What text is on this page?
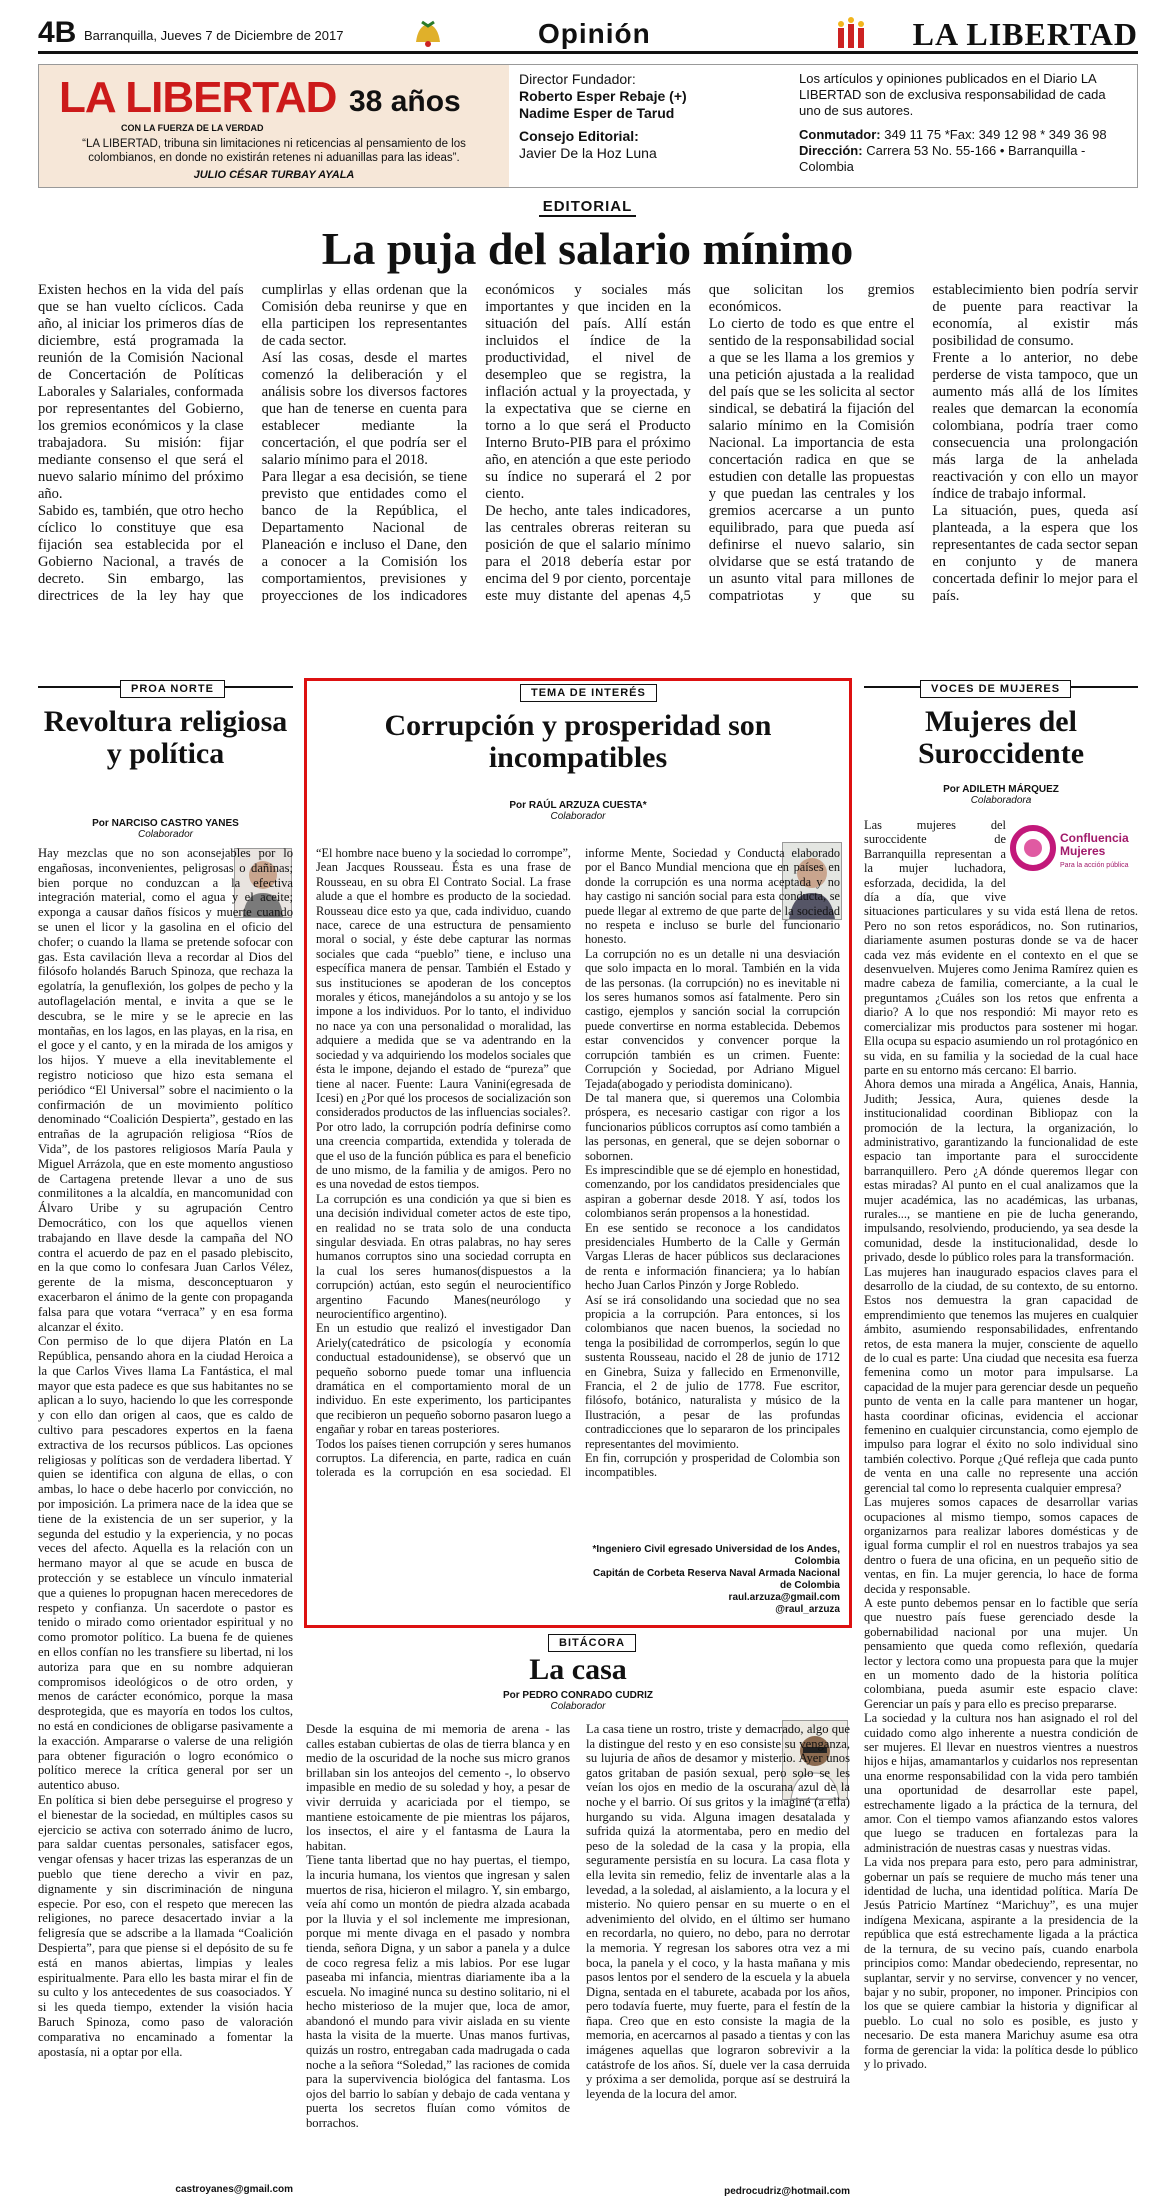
4B Barranquilla, Jueves 7 de Diciembre de 2017	Opinión	LA LIBERTAD
LA LIBERTAD 38 años
CON LA FUERZA DE LA VERDAD
“LA LIBERTAD, tribuna sin limitaciones ni reticencias al pensamiento de los colombianos, en donde no existirán retenes ni aduanillas para las ideas”.
JULIO CÉSAR TURBAY AYALA
Director Fundador:
Roberto Esper Rebaje (+)
Nadime Esper de Tarud
Consejo Editorial:
Javier De la Hoz Luna
Los artículos y opiniones publicados en el Diario LA LIBERTAD son de exclusiva responsabilidad de cada uno de sus autores.
Conmutador: 349 11 75 *Fax: 349 12 98 * 349 36 98
Dirección: Carrera 53 No. 55-166 • Barranquilla - Colombia
EDITORIAL
La puja del salario mínimo

Existen hechos en la vida del país que se han vuelto cíclicos. Cada año, al iniciar los primeros días de diciembre, está programada la reunión de la Comisión Nacional de Concertación de Políticas Laborales y Salariales, conformada por representantes del Gobierno, los gremios económicos y la clase trabajadora. Su misión: fijar mediante consenso el que será el nuevo salario mínimo del próximo año.

Sabido es, también, que otro hecho cíclico lo constituye que esa fijación sea establecida por el Gobierno Nacional, a través de decreto. Sin embargo, las directrices de la ley hay que cumplirlas y ellas ordenan que la Comisión deba reunirse y que en ella participen los representantes de cada sector.

Así las cosas, desde el martes comenzó la deliberación y el análisis sobre los diversos factores que han de tenerse en cuenta para establecer mediante la concertación, el que podría ser el salario mínimo para el 2018.

Para llegar a esa decisión, se tiene previsto que entidades como el banco de la República, el Departamento Nacional de Planeación e incluso el Dane, den a conocer a la Comisión los comportamientos, previsiones y proyecciones de los indicadores económicos y sociales más importantes y que inciden en la situación del país. Allí están incluidos el índice de la productividad, el nivel de desempleo que se registra, la inflación actual y la proyectada, y la expectativa que se cierne en torno a lo que será el Producto Interno Bruto-PIB para el próximo año, en atención a que este periodo su índice no superará el 2 por ciento.

De hecho, ante tales indicadores, las centrales obreras reiteran su posición de que el salario mínimo para el 2018 debería estar por encima del 9 por ciento, porcentaje este muy distante del apenas 4,5 que solicitan los gremios económicos.

Lo cierto de todo es que entre el sentido de la responsabilidad social a que se les llama a los gremios y una petición ajustada a la realidad del país que se les solicita al sector sindical, se debatirá la fijación del salario mínimo en la Comisión Nacional. La importancia de esta concertación radica en que se estudien con detalle las propuestas y que puedan las centrales y los gremios acercarse a un punto equilibrado, para que pueda así definirse el nuevo salario, sin olvidarse que se está tratando de un asunto vital para millones de compatriotas y que su establecimiento bien podría servir de puente para reactivar la economía, al existir más posibilidad de consumo.

Frente a lo anterior, no debe perderse de vista tampoco, que un aumento más allá de los límites reales que demarcan la economía colombiana, podría traer como consecuencia una prolongación más larga de la anhelada reactivación y con ello un mayor índice de trabajo informal.

La situación, pues, queda así planteada, a la espera que los representantes de cada sector sepan en conjunto y de manera concertada definir lo mejor para el país.

PROA NORTE
Revoltura religiosa y política
Por NARCISO CASTRO YANES
Colaborador

Hay mezclas que no son aconsejables por lo engañosas, inconvenientes, peligrosas o dañinas; bien porque no conduzcan a la efectiva integración material, como el agua y el aceite; exponga a causar daños físicos y muerte cuando se unen el licor y la gasolina en el oficio del chofer; o cuando la llama se pretende sofocar con gas. Esta cavilación lleva a recordar al Dios del filósofo holandés Baruch Spinoza, que rechaza la egolatría, la genuflexión, los golpes de pecho y la autoflagelación mental, e invita a que se le descubra, se le mire y se le aprecie en las montañas, en los lagos, en las playas, en la risa, en el goce y el canto, y en la mirada de los amigos y los hijos. Y mueve a ella inevitablemente el registro noticioso que hizo esta semana el periódico “El Universal” sobre el nacimiento o la confirmación de un movimiento político denominado “Coalición Despierta”, gestado en las entrañas de la agrupación religiosa “Ríos de Vida”, de los pastores religiosos María Paula y Miguel Arrázola, que en este momento angustioso de Cartagena pretende llevar a uno de sus conmilitones a la alcaldía, en mancomunidad con Álvaro Uribe y su agrupación Centro Democrático, con los que aquellos vienen trabajando en llave desde la campaña del NO contra el acuerdo de paz en el pasado plebiscito, en la que como lo confesara Juan Carlos Vélez, gerente de la misma, desconceptuaron y exacerbaron el ánimo de la gente con propaganda falsa para que votara “verraca” y en esa forma alcanzar el éxito.

Con permiso de lo que dijera Platón en La República, pensando ahora en la ciudad Heroica a la que Carlos Vives llama La Fantástica, el mal mayor que esta padece es que sus habitantes no se aplican a lo suyo, haciendo lo que les corresponde y con ello dan origen al caos, que es caldo de cultivo para pescadores expertos en la faena extractiva de los recursos públicos. Las opciones religiosas y políticas son de verdadera libertad. Y quien se identifica con alguna de ellas, o con ambas, lo hace o debe hacerlo por convicción, no por imposición. La primera nace de la idea que se tiene de la existencia de un ser superior, y la segunda del estudio y la experiencia, y no pocas veces del afecto. Aquella es la relación con un hermano mayor al que se acude en busca de protección y se establece un vínculo inmaterial que a quienes lo propugnan hacen merecedores de respeto y confianza. Un sacerdote o pastor es tenido o mirado como orientador espiritual y no como promotor político. La buena fe de quienes en ellos confían no les transfiere su libertad, ni los autoriza para que en su nombre adquieran compromisos ideológicos o de otro orden, y menos de carácter económico, porque la masa desprotegida, que es mayoría en todos los cultos, no está en condiciones de obligarse pasivamente a la exacción. Ampararse o valerse de una religión para obtener figuración o logro económico o político merece la crítica general por ser un autentico abuso.

En política si bien debe perseguirse el progreso y el bienestar de la sociedad, en múltiples casos su ejercicio se activa con soterrado ánimo de lucro, para saldar cuentas personales, satisfacer egos, vengar ofensas y hacer trizas las esperanzas de un pueblo que tiene derecho a vivir en paz, dignamente y sin discriminación de ninguna especie. Por eso, con el respeto que merecen las religiones, no parece desacertado inviar a la feligresía que se adscribe a la llamada “Coalición Despierta”, para que piense si el depósito de su fe está en manos abiertas, limpias y leales espiritualmente. Para ello les basta mirar el fin de su culto y los antecedentes de sus coasociados. Y si les queda tiempo, extender la visión hacia Baruch Spinoza, como paso de valoración comparativa no encaminado a fomentar la apostasía, ni a optar por ella.

castroyanes@gmail.com
TEMA DE INTERÉS
Corrupción y prosperidad son incompatibles
Por RAÚL ARZUZA CUESTA*
Colaborador

“El hombre nace bueno y la sociedad lo corrompe”, Jean Jacques Rousseau. Ésta es una frase de Rousseau, en su obra El Contrato Social. La frase alude a que el hombre es producto de la sociedad. Rousseau dice esto ya que, cada individuo, cuando nace, carece de una estructura de pensamiento moral o social, y éste debe capturar las normas sociales que cada “pueblo” tiene, e incluso una específica manera de pensar. También el Estado y sus instituciones se apoderan de los conceptos morales y éticos, manejándolos a su antojo y se los impone a los individuos. Por lo tanto, el individuo no nace ya con una personalidad o moralidad, las adquiere a medida que se va adentrando en la sociedad y va adquiriendo los modelos sociales que ésta le impone, dejando el estado de “pureza” que tiene al nacer. Fuente: Laura Vanini(egresada de Icesi) en ¿Por qué los procesos de socialización son considerados productos de las influencias sociales?.

Por otro lado, la corrupción podría definirse como una creencia compartida, extendida y tolerada de que el uso de la función pública es para el beneficio de uno mismo, de la familia y de amigos. Pero no es una novedad de estos tiempos.

La corrupción es una condición ya que si bien es una decisión individual cometer actos de este tipo, en realidad no se trata solo de una conducta singular desviada. En otras palabras, no hay seres humanos corruptos sino una sociedad corrupta en la cual los seres humanos(dispuestos a la corrupción) actúan, esto según el neurocientífico argentino Facundo Manes(neurólogo y neurocientífico argentino).

En un estudio que realizó el investigador Dan Ariely(catedrático de psicología y economía conductual estadounidense), se observó que un pequeño soborno puede tomar una influencia dramática en el comportamiento moral de un individuo. En este experimento, los participantes que recibieron un pequeño soborno pasaron luego a engañar y robar en tareas posteriores.

Todos los países tienen corrupción y seres humanos corruptos. La diferencia, en parte, radica en cuán tolerada es la corrupción en esa sociedad. El informe Mente, Sociedad y Conducta elaborado por el Banco Mundial menciona que en países en donde la corrupción es una norma aceptada y no hay castigo ni sanción social para esta conducta, se puede llegar al extremo de que parte de la sociedad no respeta e incluso se burle del funcionario honesto.

La corrupción no es un detalle ni una desviación que solo impacta en lo moral. También en la vida de las personas. (la corrupción) no es inevitable ni los seres humanos somos así fatalmente. Pero sin castigo, ejemplos y sanción social la corrupción puede convertirse en norma establecida. Debemos estar convencidos y convencer porque la corrupción también es un crimen. Fuente: Corrupción y Sociedad, por Adriano Miguel Tejada(abogado y periodista dominicano).

De tal manera que, si queremos una Colombia próspera, es necesario castigar con rigor a los funcionarios públicos corruptos así como también a las personas, en general, que se dejen sobornar o sobornen.

Es imprescindible que se dé ejemplo en honestidad, comenzando, por los candidatos presidenciales que aspiran a gobernar desde 2018. Y así, todos los colombianos serán propensos a la honestidad.

En ese sentido se reconoce a los candidatos presidenciales Humberto de la Calle y Germán Vargas Lleras de hacer públicos sus declaraciones de renta e información financiera; ya lo habían hecho Juan Carlos Pinzón y Jorge Robledo.

Así se irá consolidando una sociedad que no sea propicia a la corrupción. Para entonces, si los colombianos que nacen buenos, la sociedad no tenga la posibilidad de corromperlos, según lo que sustenta Rousseau, nacido el 28 de junio de 1712 en Ginebra, Suiza y fallecido en Ermenonville, Francia, el 2 de julio de 1778. Fue escritor, filósofo, botánico, naturalista y músico de la Ilustración, a pesar de las profundas contradicciones que lo separaron de los principales representantes del movimiento.

En fin, corrupción y prosperidad de Colombia son incompatibles.

*Ingeniero Civil egresado Universidad de los Andes, Colombia
Capitán de Corbeta Reserva Naval Armada Nacional de Colombia
raul.arzuza@gmail.com
@raul_arzuza
VOCES DE MUJERES
Mujeres del Suroccidente
Por ADILETH MÁRQUEZ
Colaboradora
Confluencia Mujeres
Para la acción pública

Las mujeres del suroccidente de Barranquilla representan a la mujer luchadora, esforzada, decidida, la del día a día, que vive situaciones particulares y su vida está llena de retos. Pero no son retos esporádicos, no. Son rutinarios, diariamente asumen posturas donde se va de hacer cada vez más evidente en el contexto en el que se desenvuelven. Mujeres como Jenima Ramírez quien es madre cabeza de familia, comerciante, a la cual le preguntamos ¿Cuáles son los retos que enfrenta a diario? A lo que nos respondió: Mi mayor reto es comercializar mis productos para sostener mi hogar. Ella ocupa su espacio asumiendo un rol protagónico en su vida, en su familia y la sociedad de la cual hace parte en su entorno más cercano: El barrio.

Ahora demos una mirada a Angélica, Anais, Hannia, Judith; Jessica, Aura, quienes desde la institucionalidad coordinan Bibliopaz con la promoción de la lectura, la organización, lo administrativo, garantizando la funcionalidad de este espacio tan importante para el suroccidente barranquillero. Pero ¿A dónde queremos llegar con estas miradas? Al punto en el cual analizamos que la mujer académica, las no académicas, las urbanas, rurales..., se mantiene en pie de lucha generando, impulsando, resolviendo, produciendo, ya sea desde la comunidad, desde la institucionalidad, desde lo privado, desde lo público roles para la transformación.

Las mujeres han inaugurado espacios claves para el desarrollo de la ciudad, de su contexto, de su entorno. Estos nos demuestra la gran capacidad de emprendimiento que tenemos las mujeres en cualquier ámbito, asumiendo responsabilidades, enfrentando retos, de esta manera la mujer, consciente de aquello de lo cual es parte: Una ciudad que necesita esa fuerza femenina como un motor para impulsarse. La capacidad de la mujer para gerenciar desde un pequeño punto de venta en la calle para mantener un hogar, hasta coordinar oficinas, evidencia el accionar femenino en cualquier circunstancia, como ejemplo de impulso para lograr el éxito no solo individual sino también colectivo. Porque ¿Qué refleja que cada punto de venta en una calle no represente una acción gerencial tal como lo representa cualquier empresa?

Las mujeres somos capaces de desarrollar varias ocupaciones al mismo tiempo, somos capaces de organizarnos para realizar labores domésticas y de igual forma cumplir el rol en nuestros trabajos ya sea dentro o fuera de una oficina, en un pequeño sitio de ventas, en fin. La mujer gerencia, lo hace de forma decida y responsable.

A este punto debemos pensar en lo factible que sería que nuestro país fuese gerenciado desde la gobernabilidad nacional por una mujer. Un pensamiento que queda como reflexión, quedaría lector y lectora como una propuesta para que la mujer en un momento dado de la historia política colombiana, pueda asumir este espacio clave: Gerenciar un país y para ello es preciso prepararse.

La sociedad y la cultura nos han asignado el rol del cuidado como algo inherente a nuestra condición de ser mujeres. El llevar en nuestros vientres a nuestros hijos e hijas, amamantarlos y cuidarlos nos representan una enorme responsabilidad con la vida pero también una oportunidad de desarrollar este papel, estrechamente ligado a la práctica de la ternura, del amor. Con el tiempo vamos afianzando estos valores que luego se traducen en fortalezas para la administración de nuestras casas y nuestras vidas.

La vida nos prepara para esto, pero para administrar, gobernar un país se requiere de mucho más tener una identidad de lucha, una identidad política. María De Jesús Patricio Martínez “Marichuy”, es una mujer indígena Mexicana, aspirante a la presidencia de la república que está estrechamente ligada a la práctica de la ternura, de su vecino país, cuando enarbola principios como: Mandar obedeciendo, representar, no suplantar, servir y no servirse, convencer y no vencer, bajar y no subir, proponer, no imponer. Principios con los que se quiere cambiar la historia y dignificar al pueblo. Lo cual no solo es posible, es justo y necesario. De esta manera Marichuy asume esa otra forma de gerenciar la vida: la política desde lo público y lo privado.

BITÁCORA
La casa
Por PEDRO CONRADO CUDRIZ
Colaborador

Desde la esquina de mi memoria de arena - las calles estaban cubiertas de olas de tierra blanca y en medio de la oscuridad de la noche sus micro granos brillaban sin los anteojos del cemento -, lo observo impasible en medio de su soledad y hoy, a pesar de vivir derruida y acariciada por el tiempo, se mantiene estoicamente de pie mientras los pájaros, los insectos, el aire y el fantasma de Laura la habitan.

Tiene tanta libertad que no hay puertas, el tiempo, la incuria humana, los vientos que ingresan y salen muertos de risa, hicieron el milagro. Y, sin embargo, veía ahí como un montón de piedra alzada acabada por la lluvia y el sol inclemente me impresionan, porque mi mente divaga en el pasado y nombra tienda, señora Digna, y un sabor a panela y a dulce de coco regresa feliz a mis labios. Por ese lugar paseaba mi infancia, mientras diariamente iba a la escuela. No imaginé nunca su destino solitario, ni el hecho misterioso de la mujer que, loca de amor, abandonó el mundo para vivir aislada en su viente hasta la visita de la muerte. Unas manos furtivas, quizás un rostro, entregaban cada madrugada o cada noche a la señora “Soledad,” las raciones de comida para la supervivencia biológica del fantasma. Los ojos del barrio lo sabían y debajo de cada ventana y puerta los secretos fluían como vómitos de borrachos.

La casa tiene un rostro, triste y demacrado, algo que la distingue del resto y en eso consiste su venganza, su lujuria de años de desamor y misterio. Ayer unos gatos gritaban de pasión sexual, pero solo se les veían los ojos en medio de la oscurana azul de la noche y el barrio. Oí sus gritos y la imaginé (a ella) hurgando su vida. Alguna imagen desatalada y sufrida quizá la atormentaba, pero en medio del peso de la soledad de la casa y la propia, ella seguramente persistía en su locura. La casa flota y ella levita sin remedio, feliz de inventarle alas a la levedad, a la soledad, al aislamiento, a la locura y el misterio. No quiero pensar en su muerte o en el advenimiento del olvido, en el último ser humano en recordarla, no quiero, no debo, para no derrotar la memoria. Y regresan los sabores otra vez a mi boca, la panela y el coco, y la hasta mañana y mis pasos lentos por el sendero de la escuela y la abuela Digna, sentada en el taburete, acabada por los años, pero todavía fuerte, muy fuerte, para el festín de la ñapa. Creo que en esto consiste la magia de la memoria, en acercarnos al pasado a tientas y con las imágenes aquellas que lograron sobrevivir a la catástrofe de los años. Sí, duele ver la casa derruida y próxima a ser demolida, porque así se destruirá la leyenda de la locura del amor.

pedrocudriz@hotmail.com
